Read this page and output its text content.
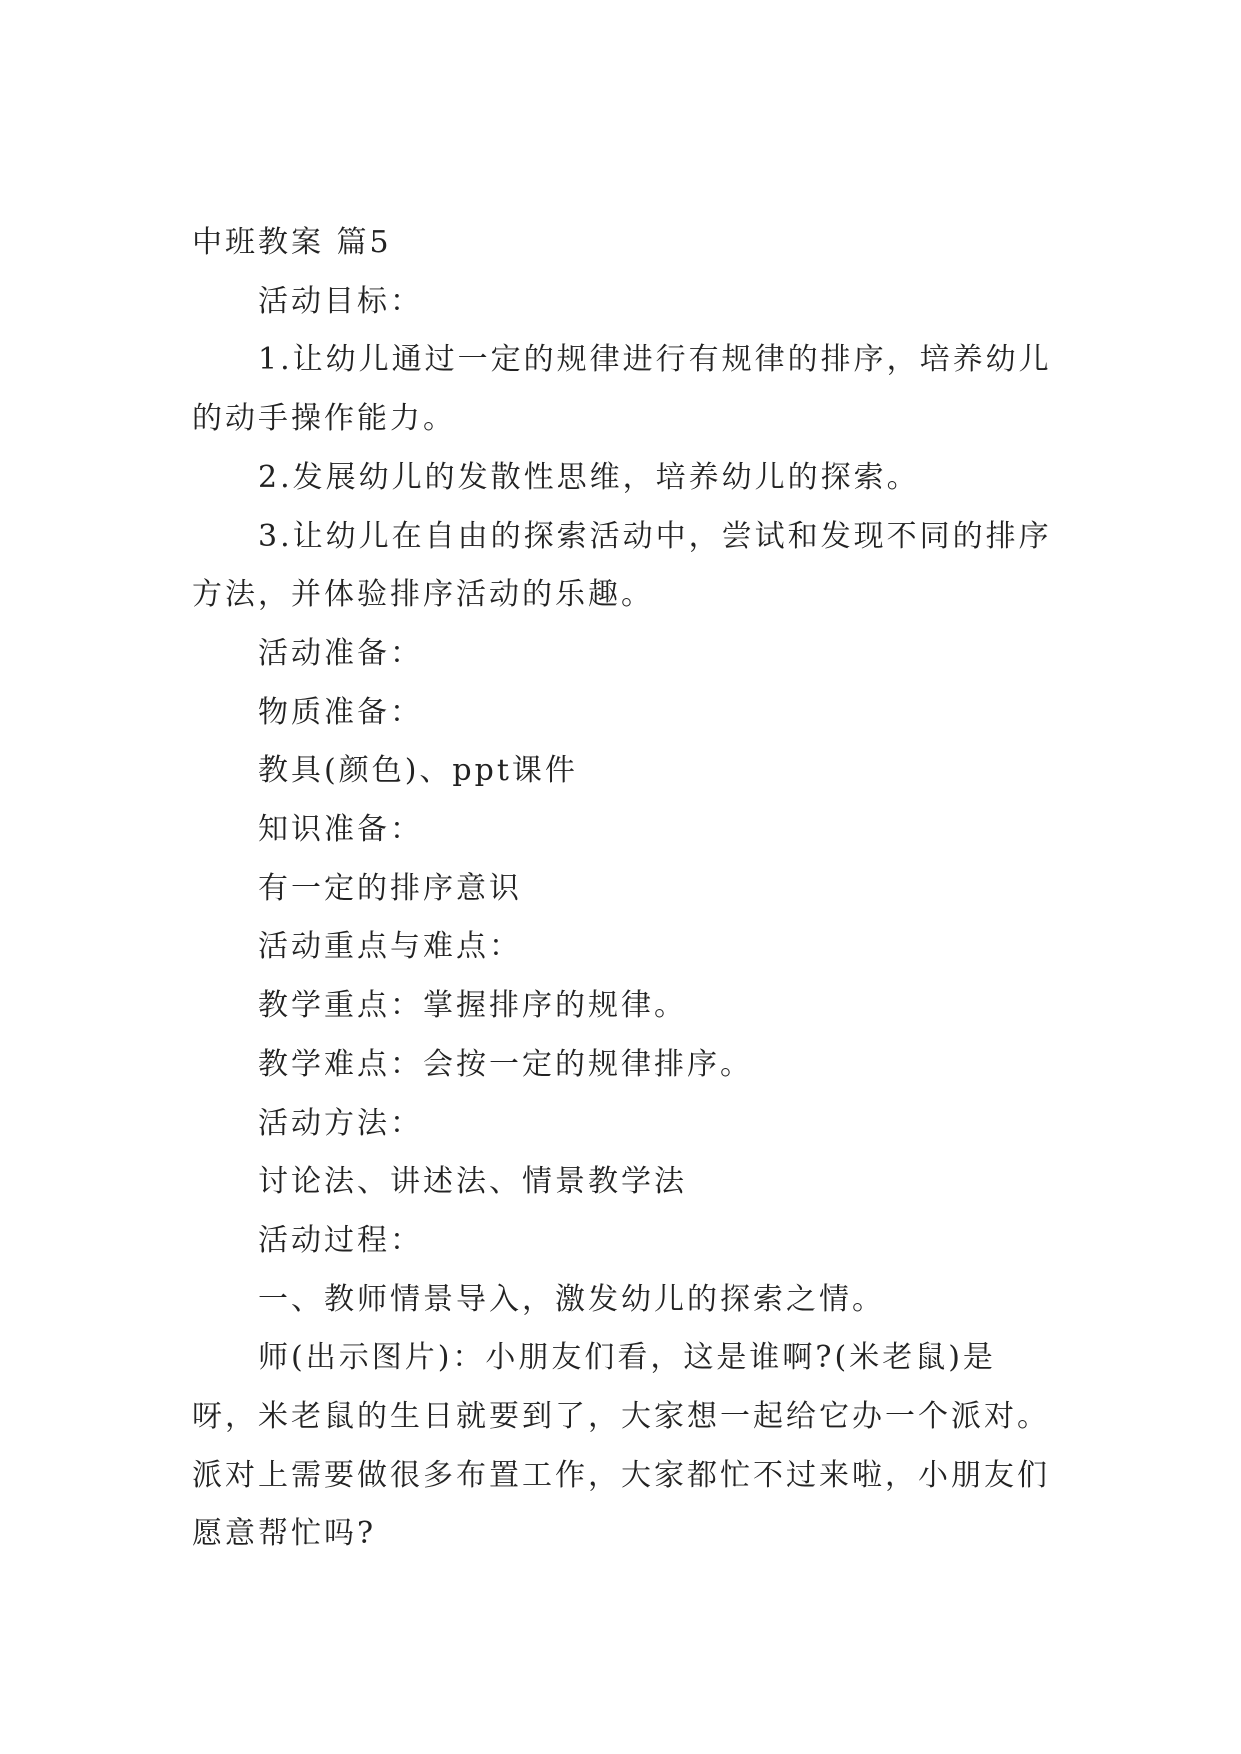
中班教案 篇5

活动目标：

1.让幼儿通过一定的规律进行有规律的排序，培养幼儿的动手操作能力。

2.发展幼儿的发散性思维，培养幼儿的探索。

3.让幼儿在自由的探索活动中，尝试和发现不同的排序方法，并体验排序活动的乐趣。

活动准备：

物质准备：

教具(颜色)、ppt课件

知识准备：

有一定的排序意识

活动重点与难点：

教学重点：掌握排序的规律。

教学难点：会按一定的规律排序。

活动方法：

讨论法、讲述法、情景教学法

活动过程：

一、教师情景导入，激发幼儿的探索之情。

师(出示图片)：小朋友们看，这是谁啊?(米老鼠)是呀，米老鼠的生日就要到了，大家想一起给它办一个派对。派对上需要做很多布置工作，大家都忙不过来啦，小朋友们愿意帮忙吗?
